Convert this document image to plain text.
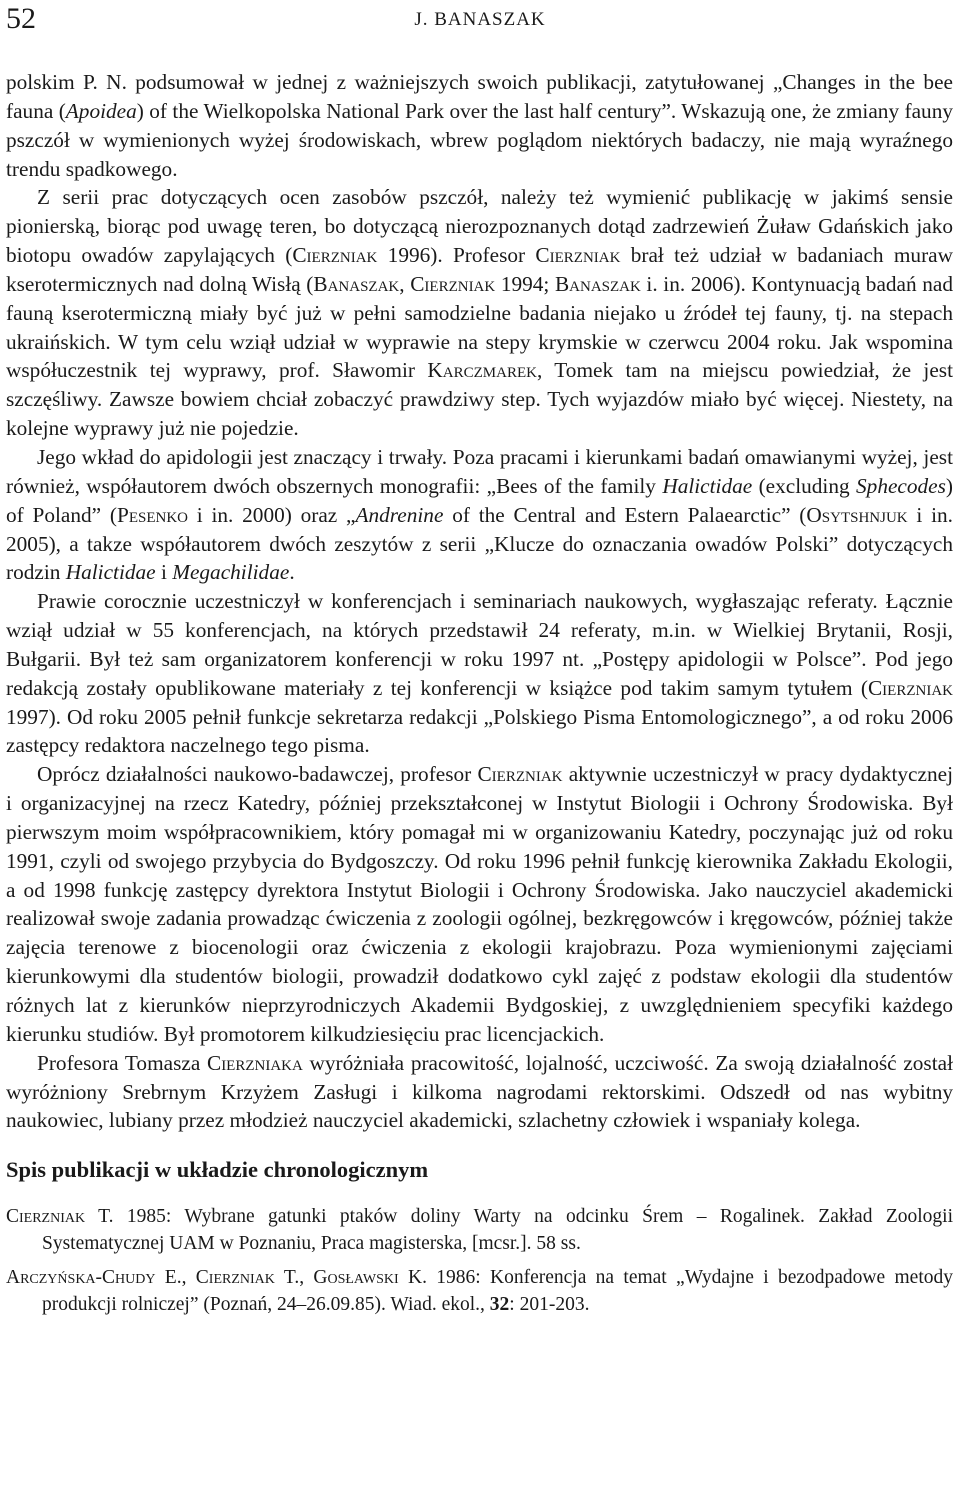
52	J. BANASZAK

polskim P. N. podsumował w jednej z ważniejszych swoich publikacji, zatytułowanej „Changes in the bee fauna (Apoidea) of the Wielkopolska National Park over the last half century”. Wskazują one, że zmiany fauny pszczół w wymienionych wyżej środowiskach, wbrew poglądom niektórych badaczy, nie mają wyraźnego trendu spadkowego.

Z serii prac dotyczących ocen zasobów pszczół, należy też wymienić publikację w jakimś sensie pionierską, biorąc pod uwagę teren, bo dotyczącą nierozpoznanych dotąd zadrzewień Żuław Gdańskich jako biotopu owadów zapylających (Cierzniak 1996). Profesor Cierzniak brał też udział w badaniach muraw kserotermicznych nad dolną Wisłą (Banaszak, Cierzniak 1994; Banaszak i. in. 2006). Kontynuacją badań nad fauną kserotermiczną miały być już w pełni samodzielne badania niejako u źródeł tej fauny, tj. na stepach ukraińskich. W tym celu wziął udział w wyprawie na stepy krymskie w czerwcu 2004 roku. Jak wspomina współuczestnik tej wyprawy, prof. Sławomir Karczmarek, Tomek tam na miejscu powiedział, że jest szczęśliwy. Zawsze bowiem chciał zobaczyć prawdziwy step. Tych wyjazdów miało być więcej. Niestety, na kolejne wyprawy już nie pojedzie.

Jego wkład do apidologii jest znaczący i trwały. Poza pracami i kierunkami badań omawianymi wyżej, jest również, współautorem dwóch obszernych monografii: „Bees of the family Halictidae (excluding Sphecodes) of Poland” (Pesenko i in. 2000) oraz „Andrenine of the Central and Estern Palaearctic” (Osytshnjuk i in. 2005), a takze współautorem dwóch zeszytów z serii „Klucze do oznaczania owadów Polski” dotyczących rodzin Halictidae i Megachilidae.

Prawie corocznie uczestniczył w konferencjach i seminariach naukowych, wygłaszając referaty. Łącznie wziął udział w 55 konferencjach, na których przedstawił 24 referaty, m.in. w Wielkiej Brytanii, Rosji, Bułgarii. Był też sam organizatorem konferencji w roku 1997 nt. „Postępy apidologii w Polsce”. Pod jego redakcją zostały opublikowane materiały z tej konferencji w książce pod takim samym tytułem (Cierzniak 1997). Od roku 2005 pełnił funkcje sekretarza redakcji „Polskiego Pisma Entomologicznego”, a od roku 2006 zastępcy redaktora naczelnego tego pisma.

Oprócz działalności naukowo-badawczej, profesor Cierzniak aktywnie uczestniczył w pracy dydaktycznej i organizacyjnej na rzecz Katedry, później przekształconej w Instytut Biologii i Ochrony Środowiska. Był pierwszym moim współpracownikiem, który pomagał mi w organizowaniu Katedry, poczynając już od roku 1991, czyli od swojego przybycia do Bydgoszczy. Od roku 1996 pełnił funkcję kierownika Zakładu Ekologii, a od 1998 funkcję zastępcy dyrektora Instytut Biologii i Ochrony Środowiska. Jako nauczyciel akademicki realizował swoje zadania prowadząc ćwiczenia z zoologii ogólnej, bezkręgowców i kręgowców, później także zajęcia terenowe z biocenologii oraz ćwiczenia z ekologii krajobrazu. Poza wymienionymi zajęciami kierunkowymi dla studentów biologii, prowadził dodatkowo cykl zajęć z podstaw ekologii dla studentów różnych lat z kierunków nieprzyrodniczych Akademii Bydgoskiej, z uwzględnieniem specyfiki każdego kierunku studiów. Był promotorem kilkudziesięciu prac licencjackich.

Profesora Tomasza Cierzniaka wyróżniała pracowitość, lojalność, uczciwość. Za swoją działalność został wyróżniony Srebrnym Krzyżem Zasługi i kilkoma nagrodami rektorskimi. Odszedł od nas wybitny naukowiec, lubiany przez młodzież nauczyciel akademicki, szlachetny człowiek i wspaniały kolega.

Spis publikacji w układzie chronologicznym

Cierzniak T. 1985: Wybrane gatunki ptaków doliny Warty na odcinku Śrem – Rogalinek. Zakład Zoologii Systematycznej UAM w Poznaniu, Praca magisterska, [mcsr.]. 58 ss.

Arczyńska-Chudy E., Cierzniak T., Gosławski K. 1986: Konferencja na temat „Wydajne i bezodpadowe metody produkcji rolniczej” (Poznań, 24–26.09.85). Wiad. ekol., 32: 201-203.
